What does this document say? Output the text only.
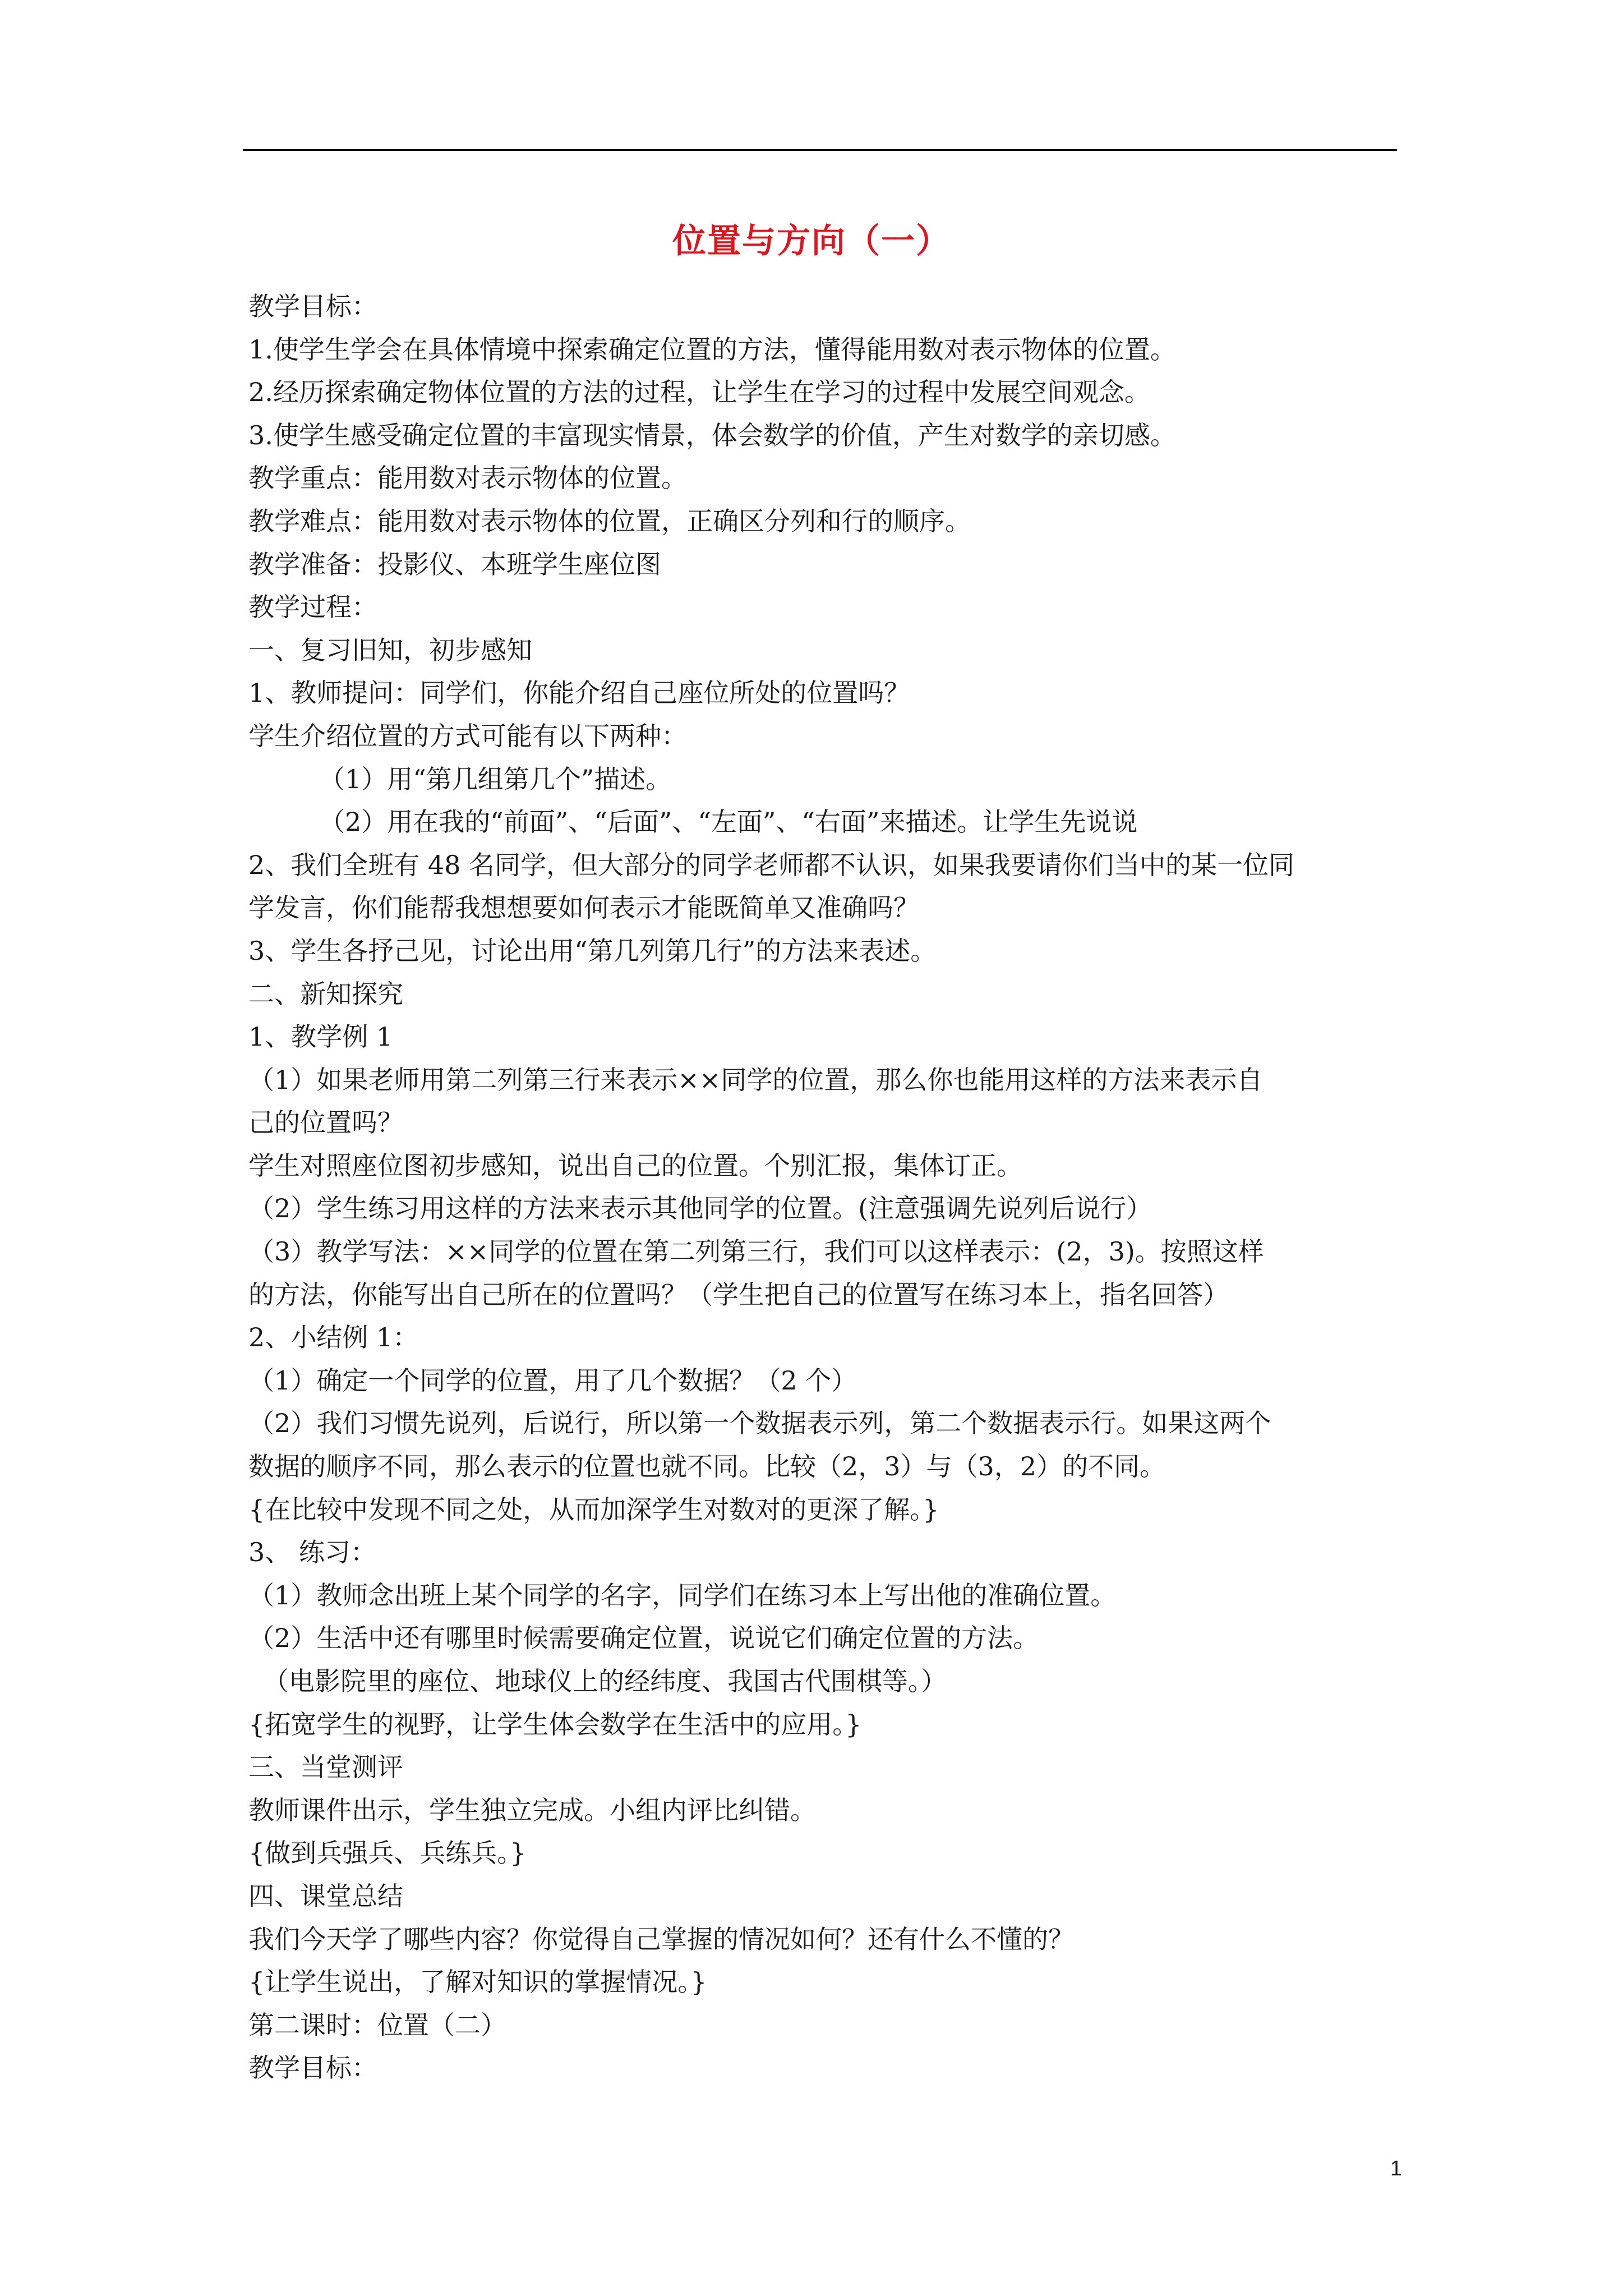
位置与方向（一）
教学目标：
1.使学生学会在具体情境中探索确定位置的方法，懂得能用数对表示物体的位置。
2.经历探索确定物体位置的方法的过程，让学生在学习的过程中发展空间观念。
3.使学生感受确定位置的丰富现实情景，体会数学的价值，产生对数学的亲切感。
教学重点：能用数对表示物体的位置。
教学难点：能用数对表示物体的位置，正确区分列和行的顺序。
教学准备：投影仪、本班学生座位图
教学过程：
一、复习旧知，初步感知
1、教师提问：同学们，你能介绍自己座位所处的位置吗？
学生介绍位置的方式可能有以下两种：
（1）用“第几组第几个”描述。
（2）用在我的“前面”、“后面”、“左面”、“右面”来描述。让学生先说说
2、我们全班有 48 名同学，但大部分的同学老师都不认识，如果我要请你们当中的某一位同
学发言，你们能帮我想想要如何表示才能既简单又准确吗？
3、学生各抒己见，讨论出用“第几列第几行”的方法来表述。
二、新知探究
1、教学例 1
（1）如果老师用第二列第三行来表示××同学的位置，那么你也能用这样的方法来表示自
己的位置吗？
学生对照座位图初步感知，说出自己的位置。个别汇报，集体订正。
（2）学生练习用这样的方法来表示其他同学的位置。(注意强调先说列后说行）
（3）教学写法：××同学的位置在第二列第三行，我们可以这样表示：(2，3)。按照这样
的方法，你能写出自己所在的位置吗？（学生把自己的位置写在练习本上，指名回答）
2、小结例 1：
（1）确定一个同学的位置，用了几个数据？（2 个）
（2）我们习惯先说列，后说行，所以第一个数据表示列，第二个数据表示行。如果这两个
数据的顺序不同，那么表示的位置也就不同。比较（2，3）与（3，2）的不同。
{在比较中发现不同之处，从而加深学生对数对的更深了解。}
3、 练习：
（1）教师念出班上某个同学的名字，同学们在练习本上写出他的准确位置。
（2）生活中还有哪里时候需要确定位置，说说它们确定位置的方法。
（电影院里的座位、地球仪上的经纬度、我国古代围棋等。）
{拓宽学生的视野，让学生体会数学在生活中的应用。}
三、当堂测评
教师课件出示，学生独立完成。小组内评比纠错。
{做到兵强兵、兵练兵。}
四、课堂总结
我们今天学了哪些内容？你觉得自己掌握的情况如何？还有什么不懂的？
{让学生说出，了解对知识的掌握情况。}
第二课时：位置（二）
教学目标：
1
